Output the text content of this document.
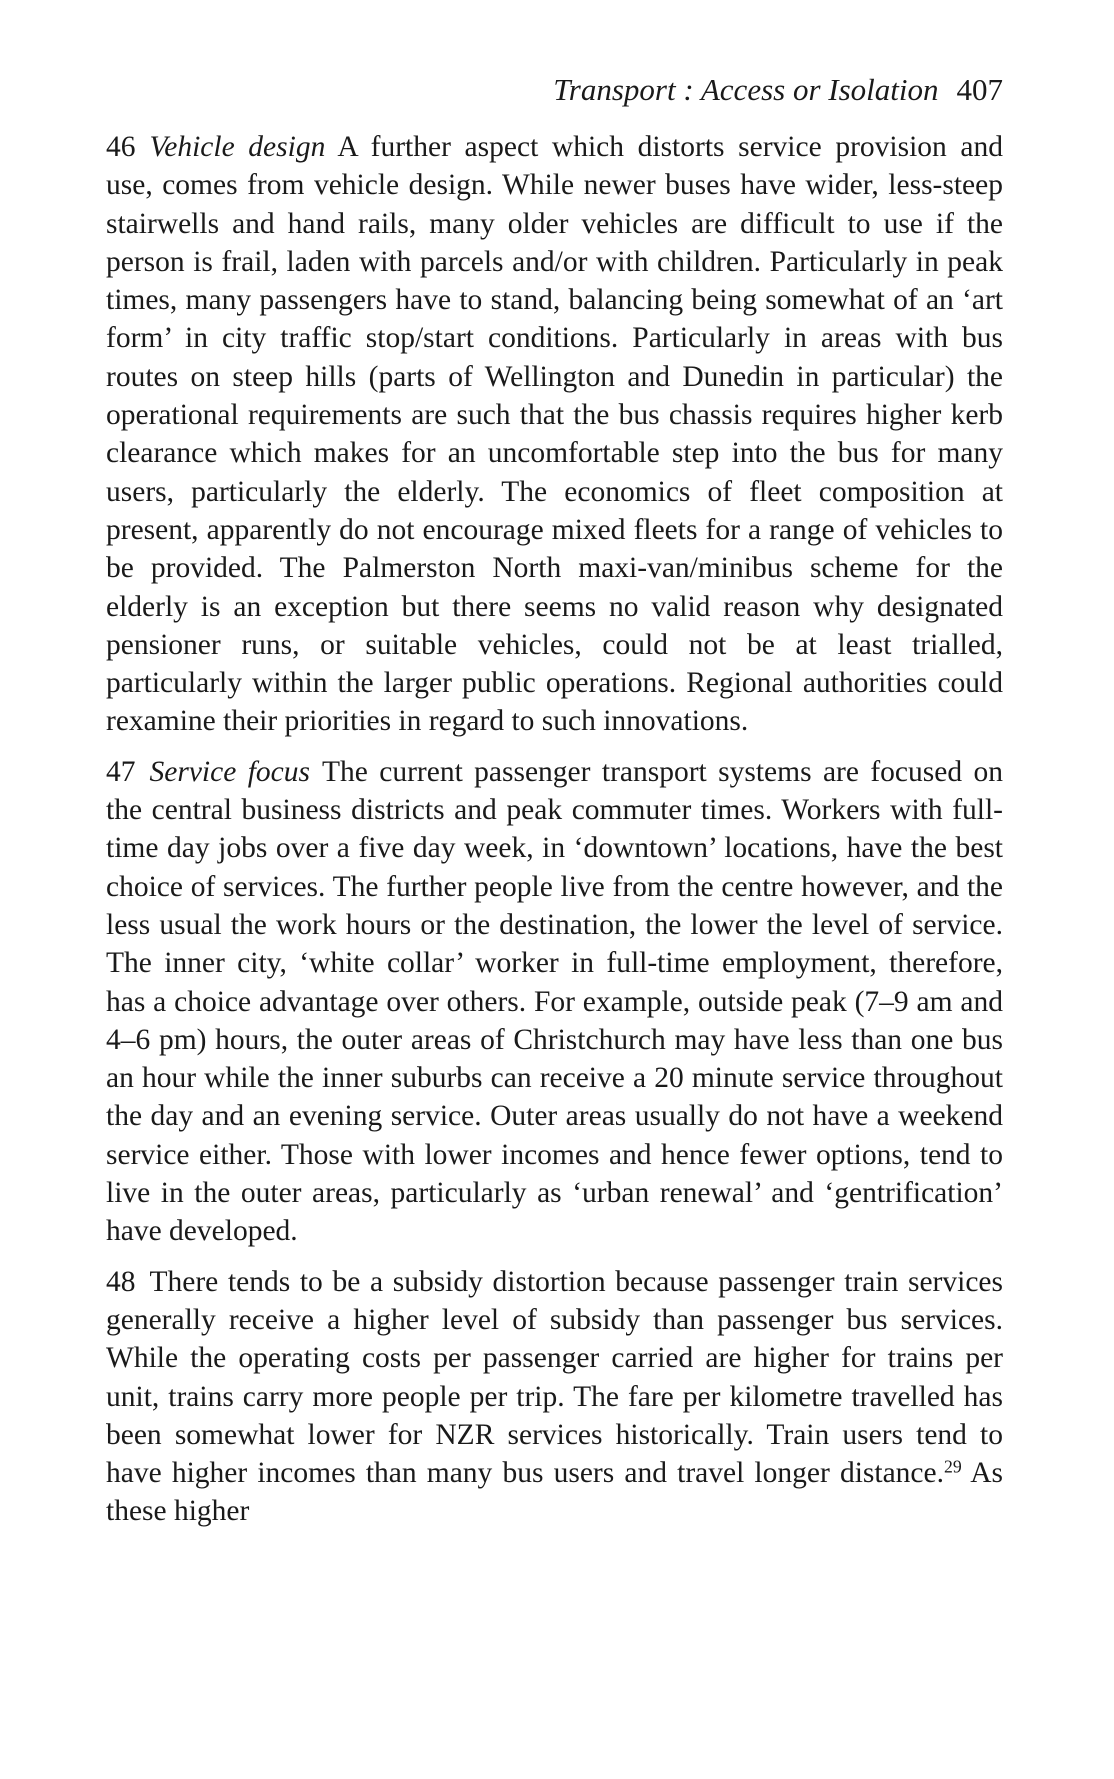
Transport : Access or Isolation 407

46 Vehicle design A further aspect which distorts service provision and use, comes from vehicle design. While newer buses have wider, less-steep stairwells and hand rails, many older vehicles are difficult to use if the person is frail, laden with parcels and/or with children. Particularly in peak times, many passengers have to stand, balancing being somewhat of an ‘art form’ in city traffic stop/start conditions. Particularly in areas with bus routes on steep hills (parts of Wellington and Dunedin in particular) the operational requirements are such that the bus chassis requires higher kerb clearance which makes for an uncomfortable step into the bus for many users, particularly the elderly. The economics of fleet composition at present, apparently do not encourage mixed fleets for a range of vehicles to be provided. The Palmerston North maxi-van/minibus scheme for the elderly is an exception but there seems no valid reason why designated pensioner runs, or suitable vehicles, could not be at least trialled, particularly within the larger public operations. Regional authorities could rexamine their priorities in regard to such innovations.

47 Service focus The current passenger transport systems are focused on the central business districts and peak commuter times. Workers with full-time day jobs over a five day week, in ‘downtown’ locations, have the best choice of services. The further people live from the centre however, and the less usual the work hours or the destination, the lower the level of service. The inner city, ‘white collar’ worker in full-time employment, therefore, has a choice advantage over others. For example, outside peak (7–9 am and 4–6 pm) hours, the outer areas of Christchurch may have less than one bus an hour while the inner suburbs can receive a 20 minute service throughout the day and an evening service. Outer areas usually do not have a weekend service either. Those with lower incomes and hence fewer options, tend to live in the outer areas, particularly as ‘urban renewal’ and ‘gentrification’ have developed.

48 There tends to be a subsidy distortion because passenger train services generally receive a higher level of subsidy than passenger bus services. While the operating costs per passenger carried are higher for trains per unit, trains carry more people per trip. The fare per kilometre travelled has been somewhat lower for NZR services historically. Train users tend to have higher incomes than many bus users and travel longer distance.$^{29}$ As these higher
